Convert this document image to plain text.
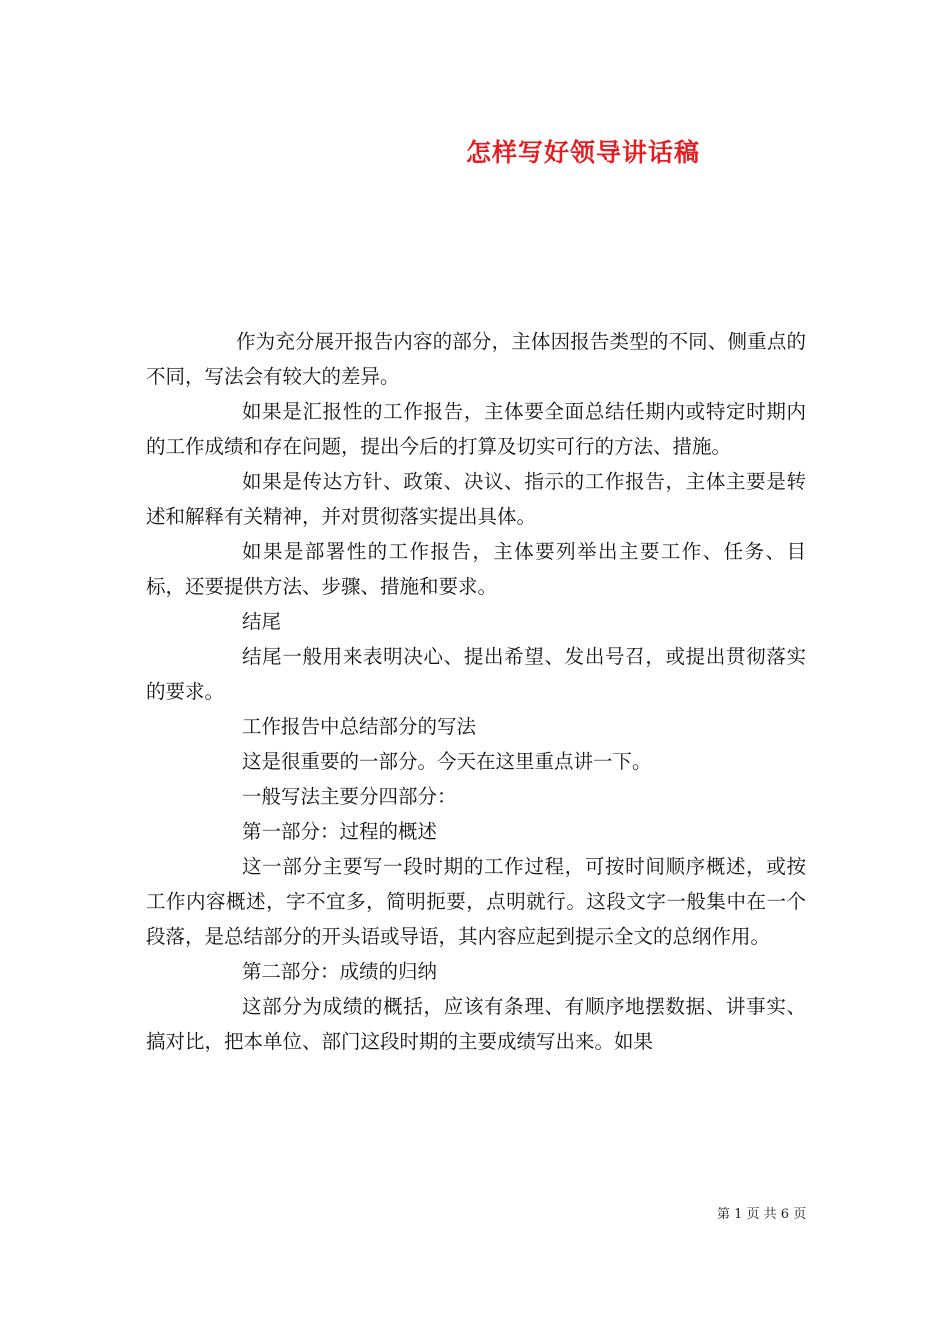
怎样写好领导讲话稿

作为充分展开报告内容的部分，主体因报告类型的不同、侧重点的不同，写法会有较大的差异。

如果是汇报性的工作报告，主体要全面总结任期内或特定时期内的工作成绩和存在问题，提出今后的打算及切实可行的方法、措施。

如果是传达方针、政策、决议、指示的工作报告，主体主要是转述和解释有关精神，并对贯彻落实提出具体。

如果是部署性的工作报告，主体要列举出主要工作、任务、目标，还要提供方法、步骤、措施和要求。

结尾

结尾一般用来表明决心、提出希望、发出号召，或提出贯彻落实的要求。

工作报告中总结部分的写法

这是很重要的一部分。今天在这里重点讲一下。

一般写法主要分四部分：

第一部分：过程的概述

这一部分主要写一段时期的工作过程，可按时间顺序概述，或按工作内容概述，字不宜多，简明扼要，点明就行。这段文字一般集中在一个段落，是总结部分的开头语或导语，其内容应起到提示全文的总纲作用。

第二部分：成绩的归纳

这部分为成绩的概括，应该有条理、有顺序地摆数据、讲事实、搞对比，把本单位、部门这段时期的主要成绩写出来。如果

第 1 页 共 6 页
